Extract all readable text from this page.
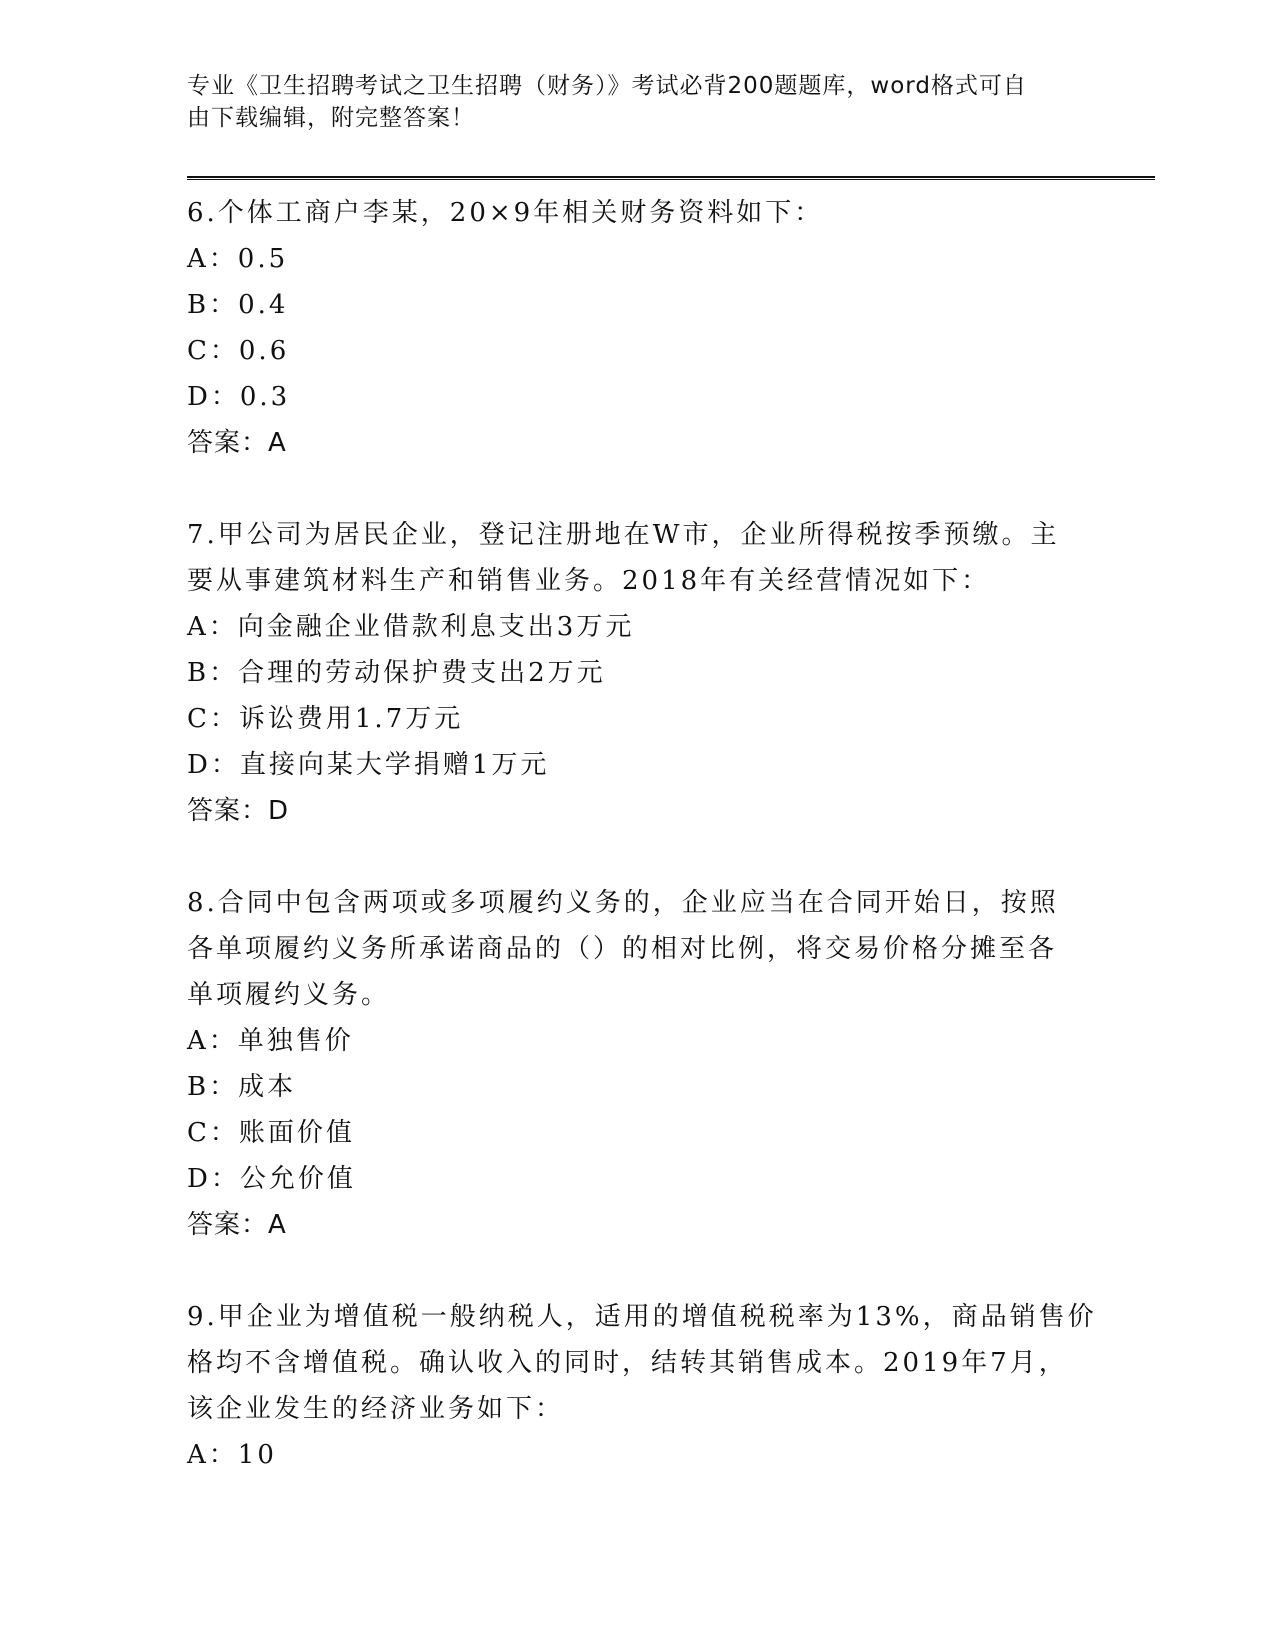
专业《卫生招聘考试之卫生招聘（财务）》考试必背200题题库，word格式可自
由下载编辑，附完整答案！
6.个体工商户李某，20×9年相关财务资料如下：
A：0.5
B：0.4
C：0.6
D：0.3
答案：A
7.甲公司为居民企业，登记注册地在W市，企业所得税按季预缴。主
要从事建筑材料生产和销售业务。2018年有关经营情况如下：
A：向金融企业借款利息支出3万元
B：合理的劳动保护费支出2万元
C：诉讼费用1.7万元
D：直接向某大学捐赠1万元
答案：D
8.合同中包含两项或多项履约义务的，企业应当在合同开始日，按照
各单项履约义务所承诺商品的（）的相对比例，将交易价格分摊至各
单项履约义务。
A：单独售价
B：成本
C：账面价值
D：公允价值
答案：A
9.甲企业为增值税一般纳税人，适用的增值税税率为13%，商品销售价
格均不含增值税。确认收入的同时，结转其销售成本。2019年7月，
该企业发生的经济业务如下：
A：10
